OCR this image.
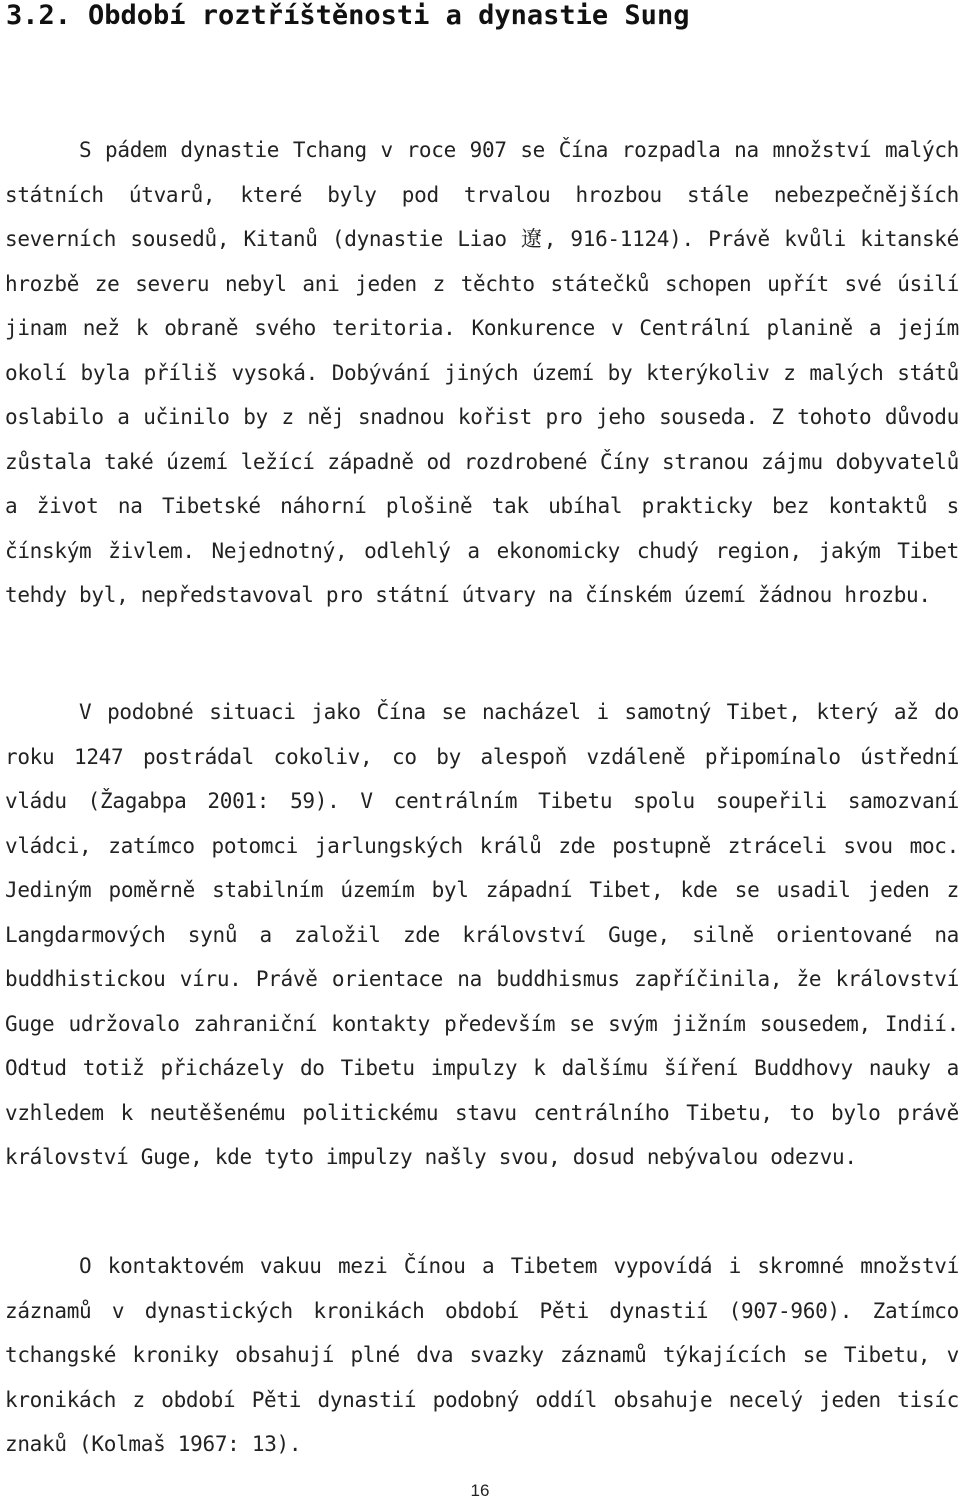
3.2. Období roztříštěnosti a dynastie Sung

S pádem dynastie Tchang v roce 907 se Čína rozpadla na množství malých státních útvarů, které byly pod trvalou hrozbou stále nebezpečnějších severních sousedů, Kitanů (dynastie Liao 遼, 916-1124). Právě kvůli kitanské hrozbě ze severu nebyl ani jeden z těchto státečků schopen upřít své úsilí jinam než k obraně svého teritoria. Konkurence v Centrální planině a jejím okolí byla příliš vysoká. Dobývání jiných území by kterýkoliv z malých států oslabilo a učinilo by z něj snadnou kořist pro jeho souseda. Z tohoto důvodu zůstala také území ležící západně od rozdrobené Číny stranou zájmu dobyvatelů a život na Tibetské náhorní plošině tak ubíhal prakticky bez kontaktů s čínským živlem. Nejednotný, odlehlý a ekonomicky chudý region, jakým Tibet tehdy byl, nepředstavoval pro státní útvary na čínském území žádnou hrozbu.

V podobné situaci jako Čína se nacházel i samotný Tibet, který až do roku 1247 postrádal cokoliv, co by alespoň vzdáleně připomínalo ústřední vládu (Žagabpa 2001: 59). V centrálním Tibetu spolu soupeřili samozvaní vládci, zatímco potomci jarlungských králů zde postupně ztráceli svou moc. Jediným poměrně stabilním územím byl západní Tibet, kde se usadil jeden z Langdarmových synů a založil zde království Guge, silně orientované na buddhistickou víru. Právě orientace na buddhismus zapříčinila, že království Guge udržovalo zahraniční kontakty především se svým jižním sousedem, Indií. Odtud totiž přicházely do Tibetu impulzy k dalšímu šíření Buddhovy nauky a vzhledem k neutěšenému politickému stavu centrálního Tibetu, to bylo právě království Guge, kde tyto impulzy našly svou, dosud nebývalou odezvu.

O kontaktovém vakuu mezi Čínou a Tibetem vypovídá i skromné množství záznamů v dynastických kronikách období Pěti dynastií (907-960). Zatímco tchangské kroniky obsahují plné dva svazky záznamů týkajících se Tibetu, v kronikách z období Pěti dynastií podobný oddíl obsahuje necelý jeden tisíc znaků (Kolmaš 1967: 13).

16
